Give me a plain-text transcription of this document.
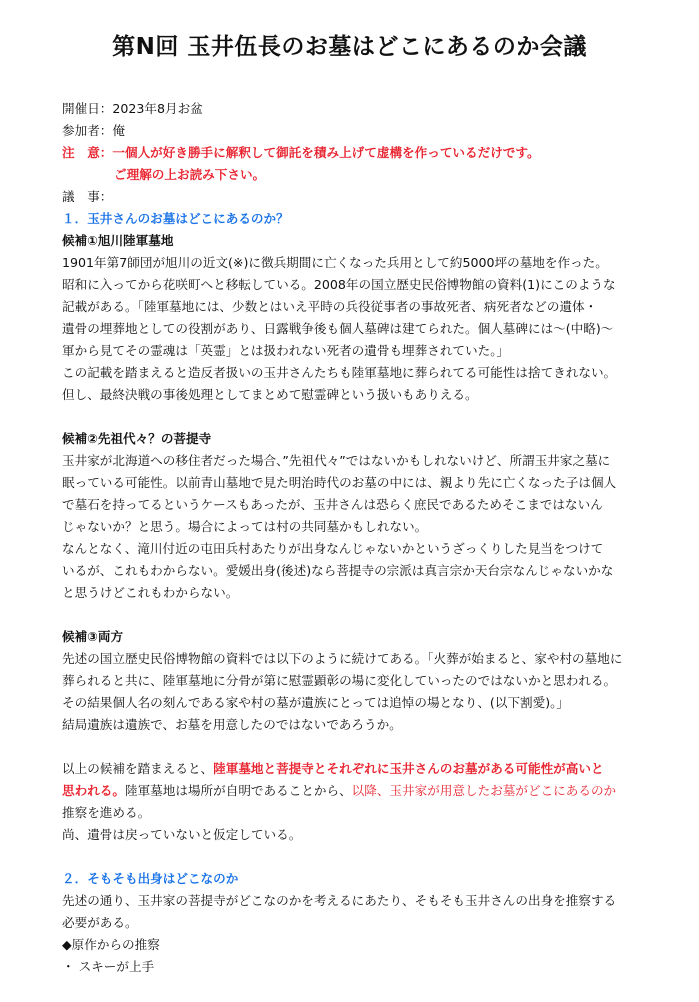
第N回 玉井伍長のお墓はどこにあるのか会議
開催日：2023年8月お盆
参加者：俺
注　意：一個人が好き勝手に解釈して御託を積み上げて虚構を作っているだけです。
ご理解の上お読み下さい。
議　事：
１．玉井さんのお墓はどこにあるのか？
候補①旭川陸軍墓地
1901年第7師団が旭川の近文(※)に徴兵期間に亡くなった兵用として約5000坪の墓地を作った。
昭和に入ってから花咲町へと移転している。2008年の国立歴史民俗博物館の資料(1)にこのような
記載がある。「陸軍墓地には、少数とはいえ平時の兵役従事者の事故死者、病死者などの遺体・
遺骨の埋葬地としての役割があり、日露戦争後も個人墓碑は建てられた。個人墓碑には～(中略)～
軍から見てその霊魂は「英霊」とは扱われない死者の遺骨も埋葬されていた。」
この記載を踏まえると造反者扱いの玉井さんたちも陸軍墓地に葬られてる可能性は捨てきれない。
但し、最終決戦の事後処理としてまとめて慰霊碑という扱いもありえる。
候補②先祖代々？の菩提寺
玉井家が北海道への移住者だった場合、”先祖代々”ではないかもしれないけど、所謂玉井家之墓に
眠っている可能性。以前青山墓地で見た明治時代のお墓の中には、親より先に亡くなった子は個人
で墓石を持ってるというケースもあったが、玉井さんは恐らく庶民であるためそこまではないん
じゃないか？と思う。場合によっては村の共同墓かもしれない。
なんとなく、滝川付近の屯田兵村あたりが出身なんじゃないかというざっくりした見当をつけて
いるが、これもわからない。愛媛出身(後述)なら菩提寺の宗派は真言宗か天台宗なんじゃないかな
と思うけどこれもわからない。
候補③両方
先述の国立歴史民俗博物館の資料では以下のように続けてある。「火葬が始まると、家や村の墓地に
葬られると共に、陸軍墓地に分骨が第に慰霊顕彰の場に変化していったのではないかと思われる。
その結果個人名の刻んである家や村の墓が遺族にとっては追悼の場となり、(以下割愛)。」
結局遺族は遺族で、お墓を用意したのではないであろうか。
以上の候補を踏まえると、陸軍墓地と菩提寺とそれぞれに玉井さんのお墓がある可能性が高いと
思われる。陸軍墓地は場所が自明であることから、以降、玉井家が用意したお墓がどこにあるのか
推察を進める。
尚、遺骨は戻っていないと仮定している。
２．そもそも出身はどこなのか
先述の通り、玉井家の菩提寺がどこなのかを考えるにあたり、そもそも玉井さんの出身を推察する
必要がある。
◆原作からの推察
・ スキーが上手
